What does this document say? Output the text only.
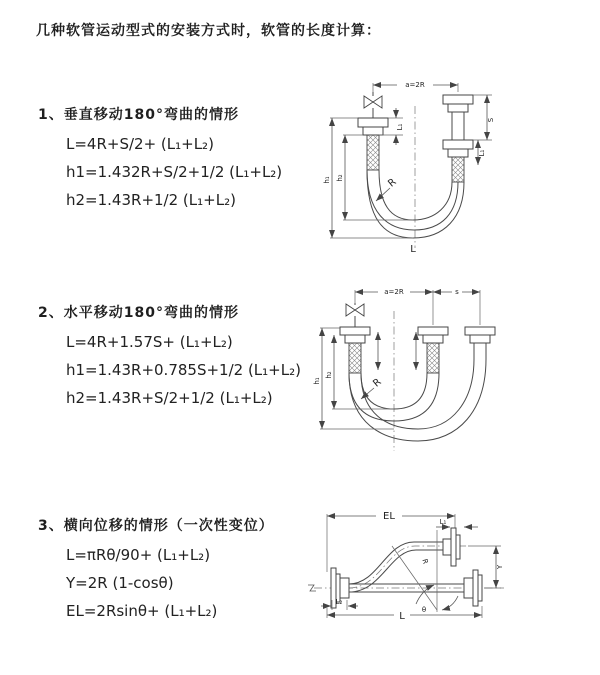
几种软管运动型式的安装方式时，软管的长度计算：
1、垂直移动180°弯曲的情形
L=4R+S/2+ (L₁+L₂)
h1=1.432R+S/2+1/2 (L₁+L₂)
h2=1.43R+1/2 (L₁+L₂)
2、水平移动180°弯曲的情形
L=4R+1.57S+ (L₁+L₂)
h1=1.43R+0.785S+1/2 (L₁+L₂)
h2=1.43R+S/2+1/2 (L₁+L₂)
3、横向位移的情形（一次性变位）
L=πRθ/90+ (L₁+L₂)
Y=2R (1-cosθ)
EL=2Rsinθ+ (L₁+L₂)
a=2R
L₁
S
L₁
h₁ h₂	R
L
a=2R	s
h₁
h₂
R
EL	L₁
θ
R
Y
L₂
L
